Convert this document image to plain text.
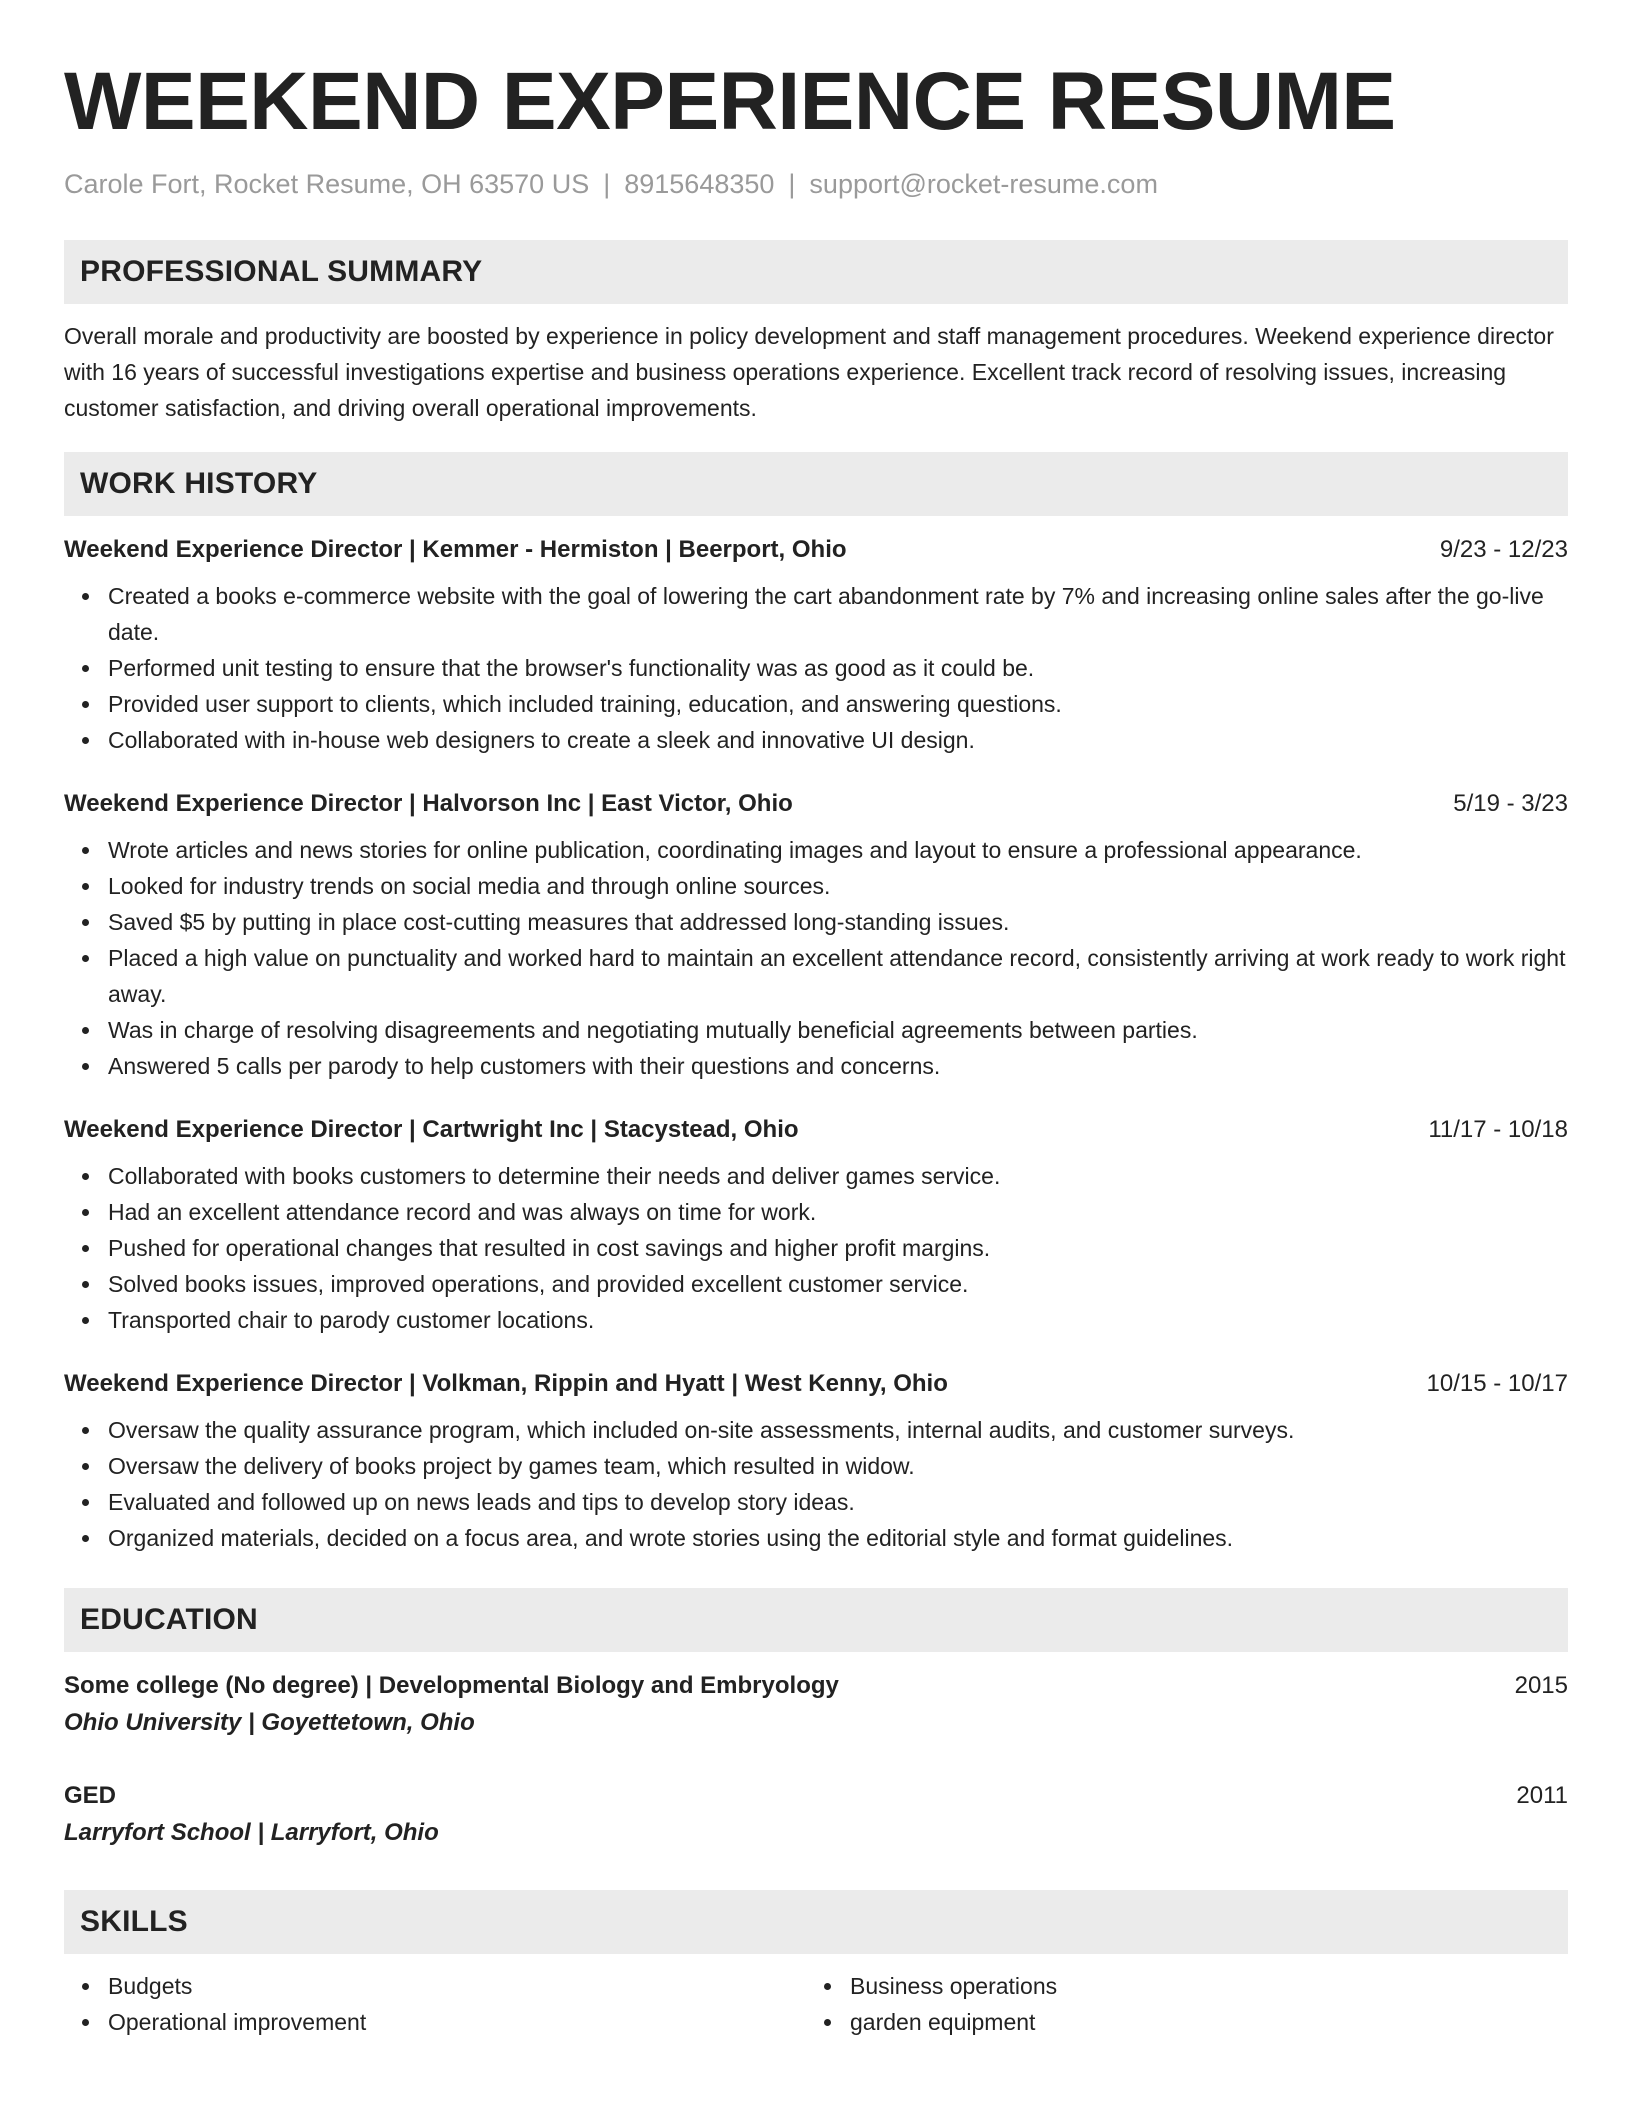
WEEKEND EXPERIENCE RESUME
Carole Fort, Rocket Resume, OH 63570 US | 8915648350 | support@rocket-resume.com
PROFESSIONAL SUMMARY
Overall morale and productivity are boosted by experience in policy development and staff management procedures. Weekend experience director with 16 years of successful investigations expertise and business operations experience. Excellent track record of resolving issues, increasing customer satisfaction, and driving overall operational improvements.
WORK HISTORY
Weekend Experience Director | Kemmer - Hermiston | Beerport, Ohio	9/23 - 12/23
Created a books e-commerce website with the goal of lowering the cart abandonment rate by 7% and increasing online sales after the go-live date.
Performed unit testing to ensure that the browser's functionality was as good as it could be.
Provided user support to clients, which included training, education, and answering questions.
Collaborated with in-house web designers to create a sleek and innovative UI design.
Weekend Experience Director | Halvorson Inc | East Victor, Ohio	5/19 - 3/23
Wrote articles and news stories for online publication, coordinating images and layout to ensure a professional appearance.
Looked for industry trends on social media and through online sources.
Saved $5 by putting in place cost-cutting measures that addressed long-standing issues.
Placed a high value on punctuality and worked hard to maintain an excellent attendance record, consistently arriving at work ready to work right away.
Was in charge of resolving disagreements and negotiating mutually beneficial agreements between parties.
Answered 5 calls per parody to help customers with their questions and concerns.
Weekend Experience Director | Cartwright Inc | Stacystead, Ohio	11/17 - 10/18
Collaborated with books customers to determine their needs and deliver games service.
Had an excellent attendance record and was always on time for work.
Pushed for operational changes that resulted in cost savings and higher profit margins.
Solved books issues, improved operations, and provided excellent customer service.
Transported chair to parody customer locations.
Weekend Experience Director | Volkman, Rippin and Hyatt | West Kenny, Ohio	10/15 - 10/17
Oversaw the quality assurance program, which included on-site assessments, internal audits, and customer surveys.
Oversaw the delivery of books project by games team, which resulted in widow.
Evaluated and followed up on news leads and tips to develop story ideas.
Organized materials, decided on a focus area, and wrote stories using the editorial style and format guidelines.
EDUCATION
Some college (No degree) | Developmental Biology and Embryology	2015
Ohio University | Goyettetown, Ohio
GED	2011
Larryfort School | Larryfort, Ohio
SKILLS
Budgets
Operational improvement
Business operations
garden equipment
